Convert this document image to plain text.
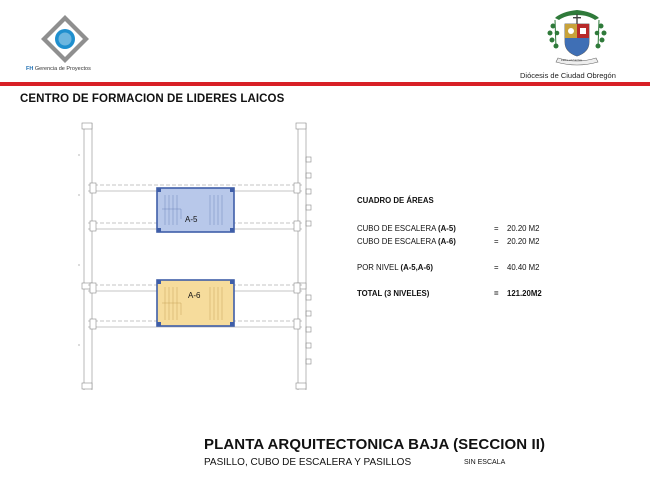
FH Gerencia de Proyectos
Fides et Caritas
Diócesis de Ciudad Obregón
CENTRO DE FORMACION DE LIDERES LAICOS
A-5
A-6
CUADRO DE ÁREAS
CUBO DE ESCALERA (A-5)	= 20.20 M2
CUBO DE ESCALERA (A-6)	= 20.20 M2
POR NIVEL (A-5,A-6)	= 40.40 M2
TOTAL (3 NIVELES)	= 121.20M2
PLANTA ARQUITECTONICA BAJA (SECCION II)
PASILLO, CUBO DE ESCALERA Y PASILLOS	SIN ESCALA
